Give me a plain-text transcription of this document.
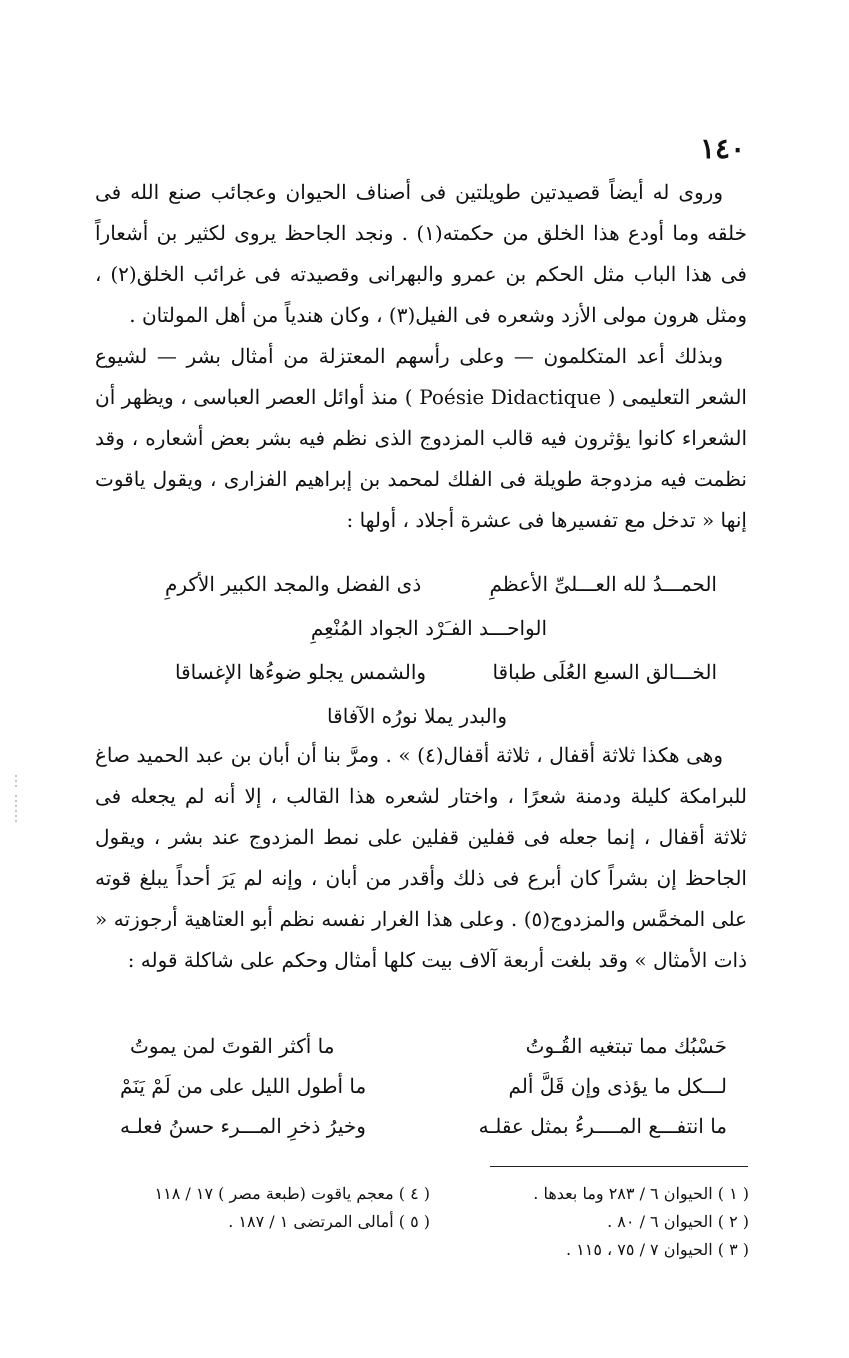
١٤٠

وروى له أيضاً قصيدتين طويلتين فى أصناف الحيوان وعجائب صنع الله فى خلقه وما أودع هذا الخلق من حكمته(١) . ونجد الجاحظ يروى لكثير بن أشعاراً فى هذا الباب مثل الحكم بن عمرو والبهرانى وقصيدته فى غرائب الخلق(٢) ، ومثل هرون مولى الأزد وشعره فى الفيل(٣) ، وكان هندياً من أهل المولتان .

وبذلك أعد المتكلمون — وعلى رأسهم المعتزلة من أمثال بشر — لشيوع الشعر التعليمى ( Poésie Didactique ) منذ أوائل العصر العباسى ، ويظهر أن الشعراء كانوا يؤثرون فيه قالب المزدوج الذى نظم فيه بشر بعض أشعاره ، وقد نظمت فيه مزدوجة طويلة فى الفلك لمحمد بن إبراهيم الفزارى ، ويقول ياقوت إنها « تدخل مع تفسيرها فى عشرة أجلاد ، أولها :

الحمـــدُ لله العـــلىِّ الأعظمِ
ذى الفضل والمجد الكبير الأكرمِ
الواحـــد الفـَرْد الجواد المُنْعِمِ
الخـــالق السبع العُلَى طباقا
والشمس يجلو ضوءُها الإغساقا
والبدر يملا نورُه الآفاقا

وهى هكذا ثلاثة أقفال ، ثلاثة أقفال(٤) » . ومرَّ بنا أن أبان بن عبد الحميد صاغ للبرامكة كليلة ودمنة شعرًا ، واختار لشعره هذا القالب ، إلا أنه لم يجعله فى ثلاثة أقفال ، إنما جعله فى قفلين قفلين على نمط المزدوج عند بشر ، ويقول الجاحظ إن بشراً كان أبرع فى ذلك وأقدر من أبان ، وإنه لم يَرَ أحداً يبلغ قوته على المخمَّس والمزدوج(٥) . وعلى هذا الغرار نفسه نظم أبو العتاهية أرجوزته « ذات الأمثال » وقد بلغت أربعة آلاف بيت كلها أمثال وحكم على شاكلة قوله :

حَسْبُك مما تبتغيه القُـوتُ
ما أكثر القوتَ لمن يموتُ
لـــكل ما يؤذى وإن قَلَّ ألم
ما أطول الليل على من لَمْ يَنَمْ
ما انتفـــع المــــرءُ بمثل عقلـه
وخيرُ ذخرِ المـــرء حسنُ فعلـه
( ١ ) الحيوان ٦ / ٢٨٣ وما بعدها .
( ٢ ) الحيوان ٦ / ٨٠ .
( ٣ ) الحيوان ٧ / ٧٥ ، ١١٥ .
( ٤ ) معجم ياقوت (طبعة مصر ) ١٧ / ١١٨
( ٥ ) أمالى المرتضى ١ / ١٨٧ .
